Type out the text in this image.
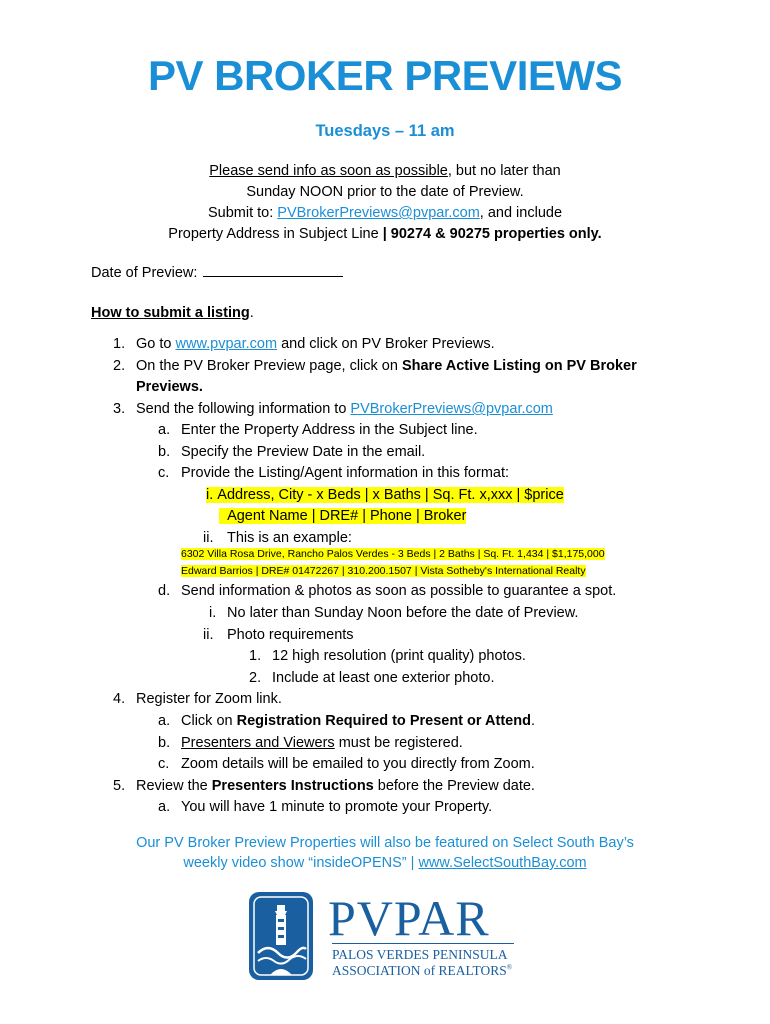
PV BROKER PREVIEWS
Tuesdays – 11 am
Please send info as soon as possible, but no later than
Sunday NOON prior to the date of Preview.
Submit to: PVBrokerPreviews@pvpar.com, and include
Property Address in Subject Line | 90274 & 90275 properties only.
Date of Preview:
How to submit a listing.
1. Go to www.pvpar.com and click on PV Broker Previews.
2. On the PV Broker Preview page, click on Share Active Listing on PV Broker
Previews.
3. Send the following information to PVBrokerPreviews@pvpar.com
a. Enter the Property Address in the Subject line.
b. Specify the Preview Date in the email.
c. Provide the Listing/Agent information in this format:
i. Address, City - x Beds | x Baths | Sq. Ft. x,xxx | $price
Agent Name | DRE# | Phone | Broker
ii. This is an example:
6302 Villa Rosa Drive, Rancho Palos Verdes - 3 Beds | 2 Baths | Sq. Ft. 1,434 | $1,175,000
Edward Barrios | DRE# 01472267 | 310.200.1507 | Vista Sotheby's International Realty
d. Send information & photos as soon as possible to guarantee a spot.
i. No later than Sunday Noon before the date of Preview.
ii. Photo requirements
1. 12 high resolution (print quality) photos.
2. Include at least one exterior photo.
4. Register for Zoom link.
a. Click on Registration Required to Present or Attend.
b. Presenters and Viewers must be registered.
c. Zoom details will be emailed to you directly from Zoom.
5. Review the Presenters Instructions before the Preview date.
a. You will have 1 minute to promote your Property.
Our PV Broker Preview Properties will also be featured on Select South Bay’s
weekly video show “insideOPENS” | www.SelectSouthBay.com
PVPAR
PALOS VERDES PENINSULA
ASSOCIATION of REALTORS®
